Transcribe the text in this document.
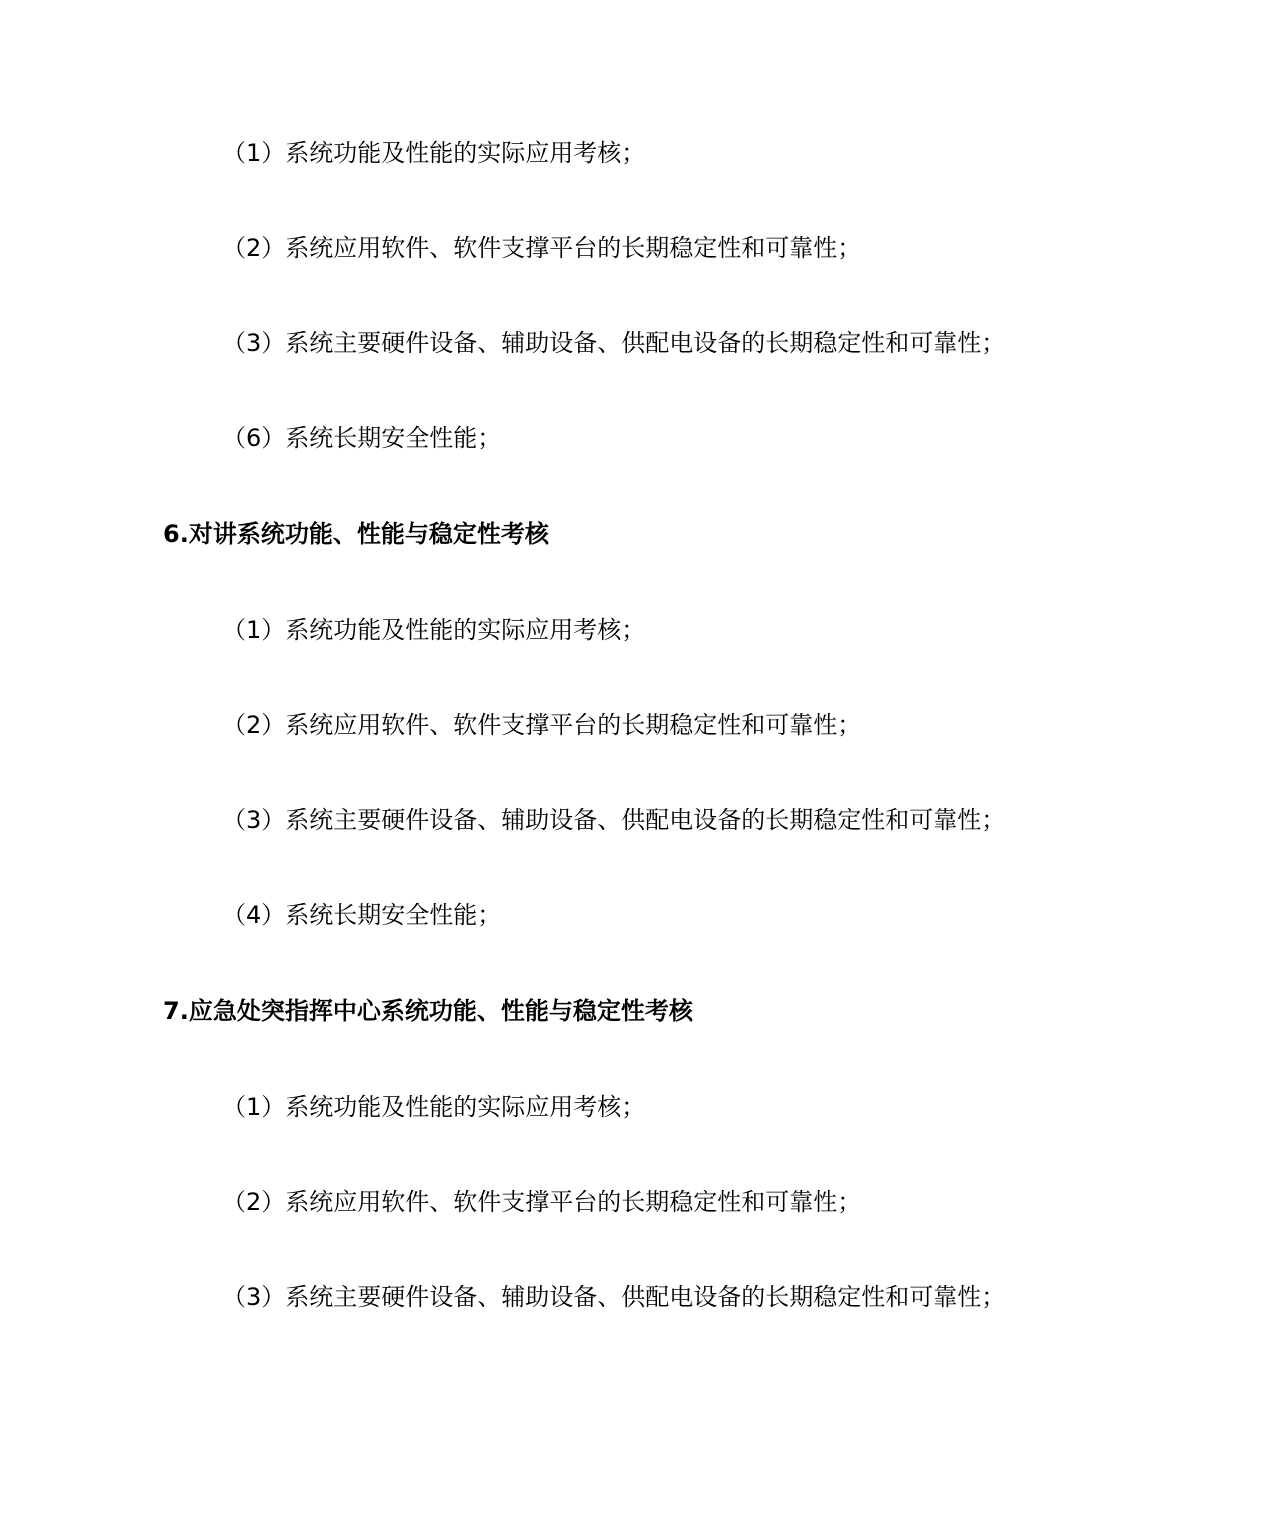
（1）系统功能及性能的实际应用考核；
（2）系统应用软件、软件支撑平台的长期稳定性和可靠性；
（3）系统主要硬件设备、辅助设备、供配电设备的长期稳定性和可靠性；
（6）系统长期安全性能；
6.对讲系统功能、性能与稳定性考核
（1）系统功能及性能的实际应用考核；
（2）系统应用软件、软件支撑平台的长期稳定性和可靠性；
（3）系统主要硬件设备、辅助设备、供配电设备的长期稳定性和可靠性；
（4）系统长期安全性能；
7.应急处突指挥中心系统功能、性能与稳定性考核
（1）系统功能及性能的实际应用考核；
（2）系统应用软件、软件支撑平台的长期稳定性和可靠性；
（3）系统主要硬件设备、辅助设备、供配电设备的长期稳定性和可靠性；
